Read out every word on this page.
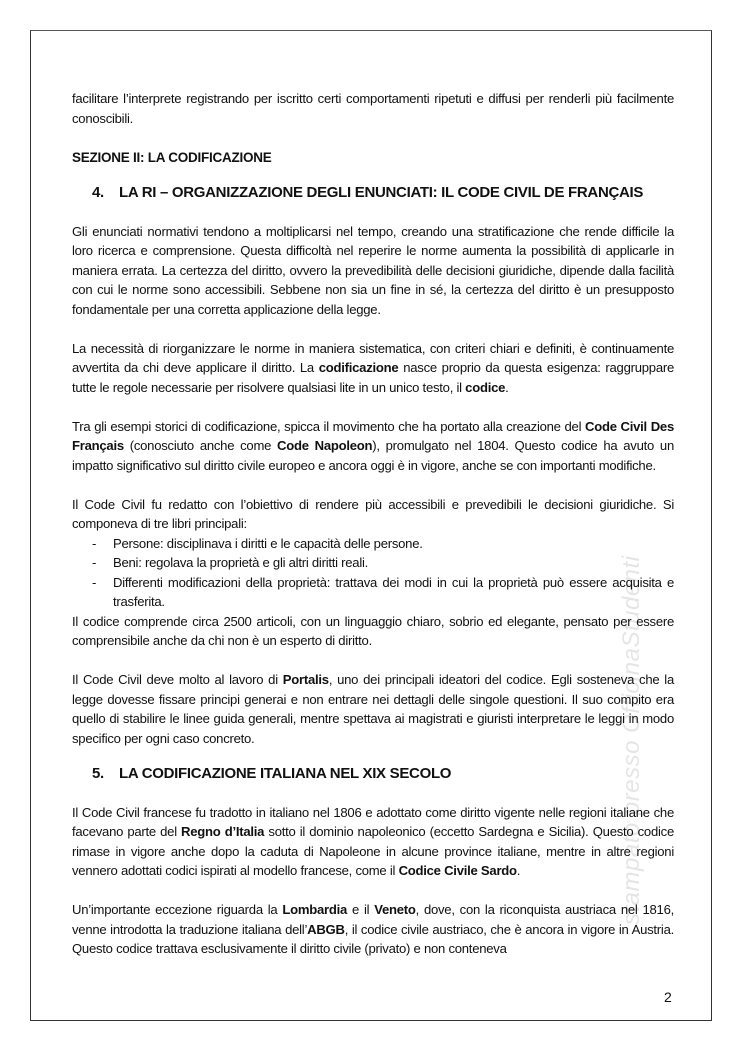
stampato presso OfficinaStudenti

facilitare l’interprete registrando per iscritto certi comportamenti ripetuti e diffusi per renderli più facilmente conoscibili.

SEZIONE II: LA CODIFICAZIONE

4. LA RI – ORGANIZZAZIONE DEGLI ENUNCIATI: IL CODE CIVIL DE FRANÇAIS

Gli enunciati normativi tendono a moltiplicarsi nel tempo, creando una stratificazione che rende difficile la loro ricerca e comprensione. Questa difficoltà nel reperire le norme aumenta la possibilità di applicarle in maniera errata. La certezza del diritto, ovvero la prevedibilità delle decisioni giuridiche, dipende dalla facilità con cui le norme sono accessibili. Sebbene non sia un fine in sé, la certezza del diritto è un presupposto fondamentale per una corretta applicazione della legge.

La necessità di riorganizzare le norme in maniera sistematica, con criteri chiari e definiti, è continuamente avvertita da chi deve applicare il diritto. La codificazione nasce proprio da questa esigenza: raggruppare tutte le regole necessarie per risolvere qualsiasi lite in un unico testo, il codice.

Tra gli esempi storici di codificazione, spicca il movimento che ha portato alla creazione del Code Civil Des Français (conosciuto anche come Code Napoleon), promulgato nel 1804. Questo codice ha avuto un impatto significativo sul diritto civile europeo e ancora oggi è in vigore, anche se con importanti modifiche.

Il Code Civil fu redatto con l’obiettivo di rendere più accessibili e prevedibili le decisioni giuridiche. Si componeva di tre libri principali:

- Persone: disciplinava i diritti e le capacità delle persone.
- Beni: regolava la proprietà e gli altri diritti reali.
- Differenti modificazioni della proprietà: trattava dei modi in cui la proprietà può essere acquisita e trasferita.

Il codice comprende circa 2500 articoli, con un linguaggio chiaro, sobrio ed elegante, pensato per essere comprensibile anche da chi non è un esperto di diritto.

Il Code Civil deve molto al lavoro di Portalis, uno dei principali ideatori del codice. Egli sosteneva che la legge dovesse fissare principi generai e non entrare nei dettagli delle singole questioni. Il suo compito era quello di stabilire le linee guida generali, mentre spettava ai magistrati e giuristi interpretare le leggi in modo specifico per ogni caso concreto.

5. LA CODIFICAZIONE ITALIANA NEL XIX SECOLO

Il Code Civil francese fu tradotto in italiano nel 1806 e adottato come diritto vigente nelle regioni italiane che facevano parte del Regno d’Italia sotto il dominio napoleonico (eccetto Sardegna e Sicilia). Questo codice rimase in vigore anche dopo la caduta di Napoleone in alcune province italiane, mentre in altre regioni vennero adottati codici ispirati al modello francese, come il Codice Civile Sardo.

Un’importante eccezione riguarda la Lombardia e il Veneto, dove, con la riconquista austriaca nel 1816, venne introdotta la traduzione italiana dell’ABGB, il codice civile austriaco, che è ancora in vigore in Austria. Questo codice trattava esclusivamente il diritto civile (privato) e non conteneva

2
